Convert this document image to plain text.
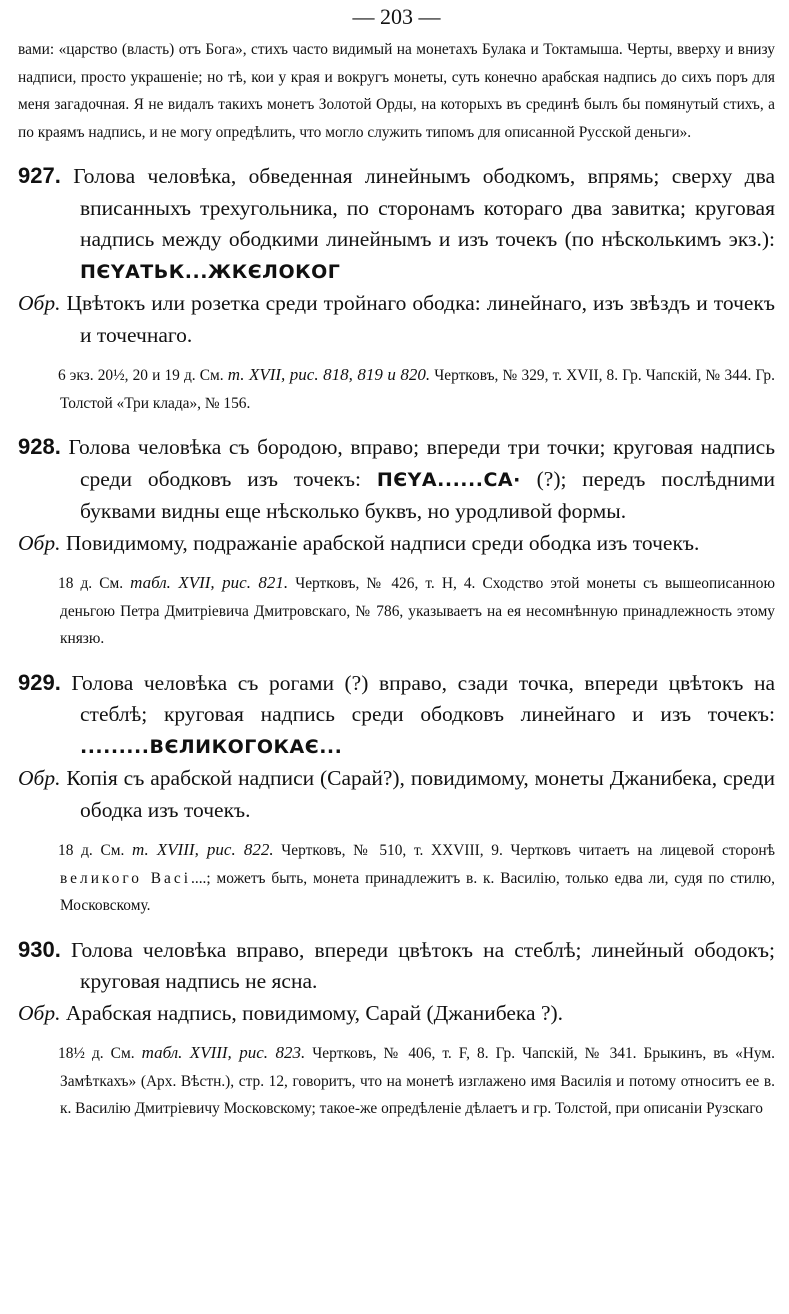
— 203 —

вами: «царство (власть) отъ Бога», стихъ часто видимый на монетахъ Булака и Токтамыша. Черты, вверху и внизу надписи, просто украшеніе; но тѣ, кои у края и вокругъ монеты, суть конечно арабская надпись до сихъ поръ для меня загадочная. Я не видалъ такихъ монетъ Золотой Орды, на которыхъ въ срединѣ былъ бы помянутый стихъ, а по краямъ надпись, и не могу опредѣлить, что могло служить типомъ для описанной Русской деньги».

927. Голова человѣка, обведенная линейнымъ ободкомъ, впрямь; сверху два вписанныхъ трехугольника, по сторонамъ котораго два завитка; круговая надпись между ободкими линейнымъ и изъ точекъ (по нѣсколькимъ экз.): ПЄҮАТЬК...ЖКЄЛОКОГ

Обр. Цвѣтокъ или розетка среди тройнаго ободка: линейнаго, изъ звѣздъ и точекъ и точечнаго.

6 экз. 20½, 20 и 19 д. См. т. XVII, рис. 818, 819 и 820. Чертковъ, № 329, т. XVII, 8. Гр. Чапскій, № 344. Гр. Толстой «Три клада», № 156.

928. Голова человѣка съ бородою, вправо; впереди три точки; круговая надпись среди ободковъ изъ точекъ: ПЄҮА......СА· (?); передъ послѣдними буквами видны еще нѣсколько буквъ, но уродливой формы.

Обр. Повидимому, подражаніе арабской надписи среди ободка изъ точекъ.

18 д. См. табл. XVII, рис. 821. Чертковъ, № 426, т. Н, 4. Сходство этой монеты съ вышеописанною деньгою Петра Дмитріевича Дмитровскаго, № 786, указываетъ на ея несомнѣнную принадлежность этому князю.

929. Голова человѣка съ рогами (?) вправо, сзади точка, впереди цвѣтокъ на стеблѣ; круговая надпись среди ободковъ линейнаго и изъ точекъ: .........ВЄЛИКОГОКАЄ...

Обр. Копія съ арабской надписи (Сарай?), повидимому, монеты Джанибека, среди ободка изъ точекъ.

18 д. См. т. XVIII, рис. 822. Чертковъ, № 510, т. XXVIII, 9. Чертковъ читаетъ на лицевой сторонѣ великого Васі....; можетъ быть, монета принадлежитъ в. к. Василію, только едва ли, судя по стилю, Московскому.

930. Голова человѣка вправо, впереди цвѣтокъ на стеблѣ; линейный ободокъ; круговая надпись не ясна.

Обр. Арабская надпись, повидимому, Сарай (Джанибека ?).

18½ д. См. табл. XVIII, рис. 823. Чертковъ, № 406, т. F, 8. Гр. Чапскій, № 341. Брыкинъ, въ «Нум. Замѣткахъ» (Арх. Вѣстн.), стр. 12, говоритъ, что на монетѣ изглажено имя Василія и потому относитъ ее в. к. Василію Дмитріевичу Московскому; такое-же опредѣленіе дѣлаетъ и гр. Толстой, при описаніи Рузскаго
